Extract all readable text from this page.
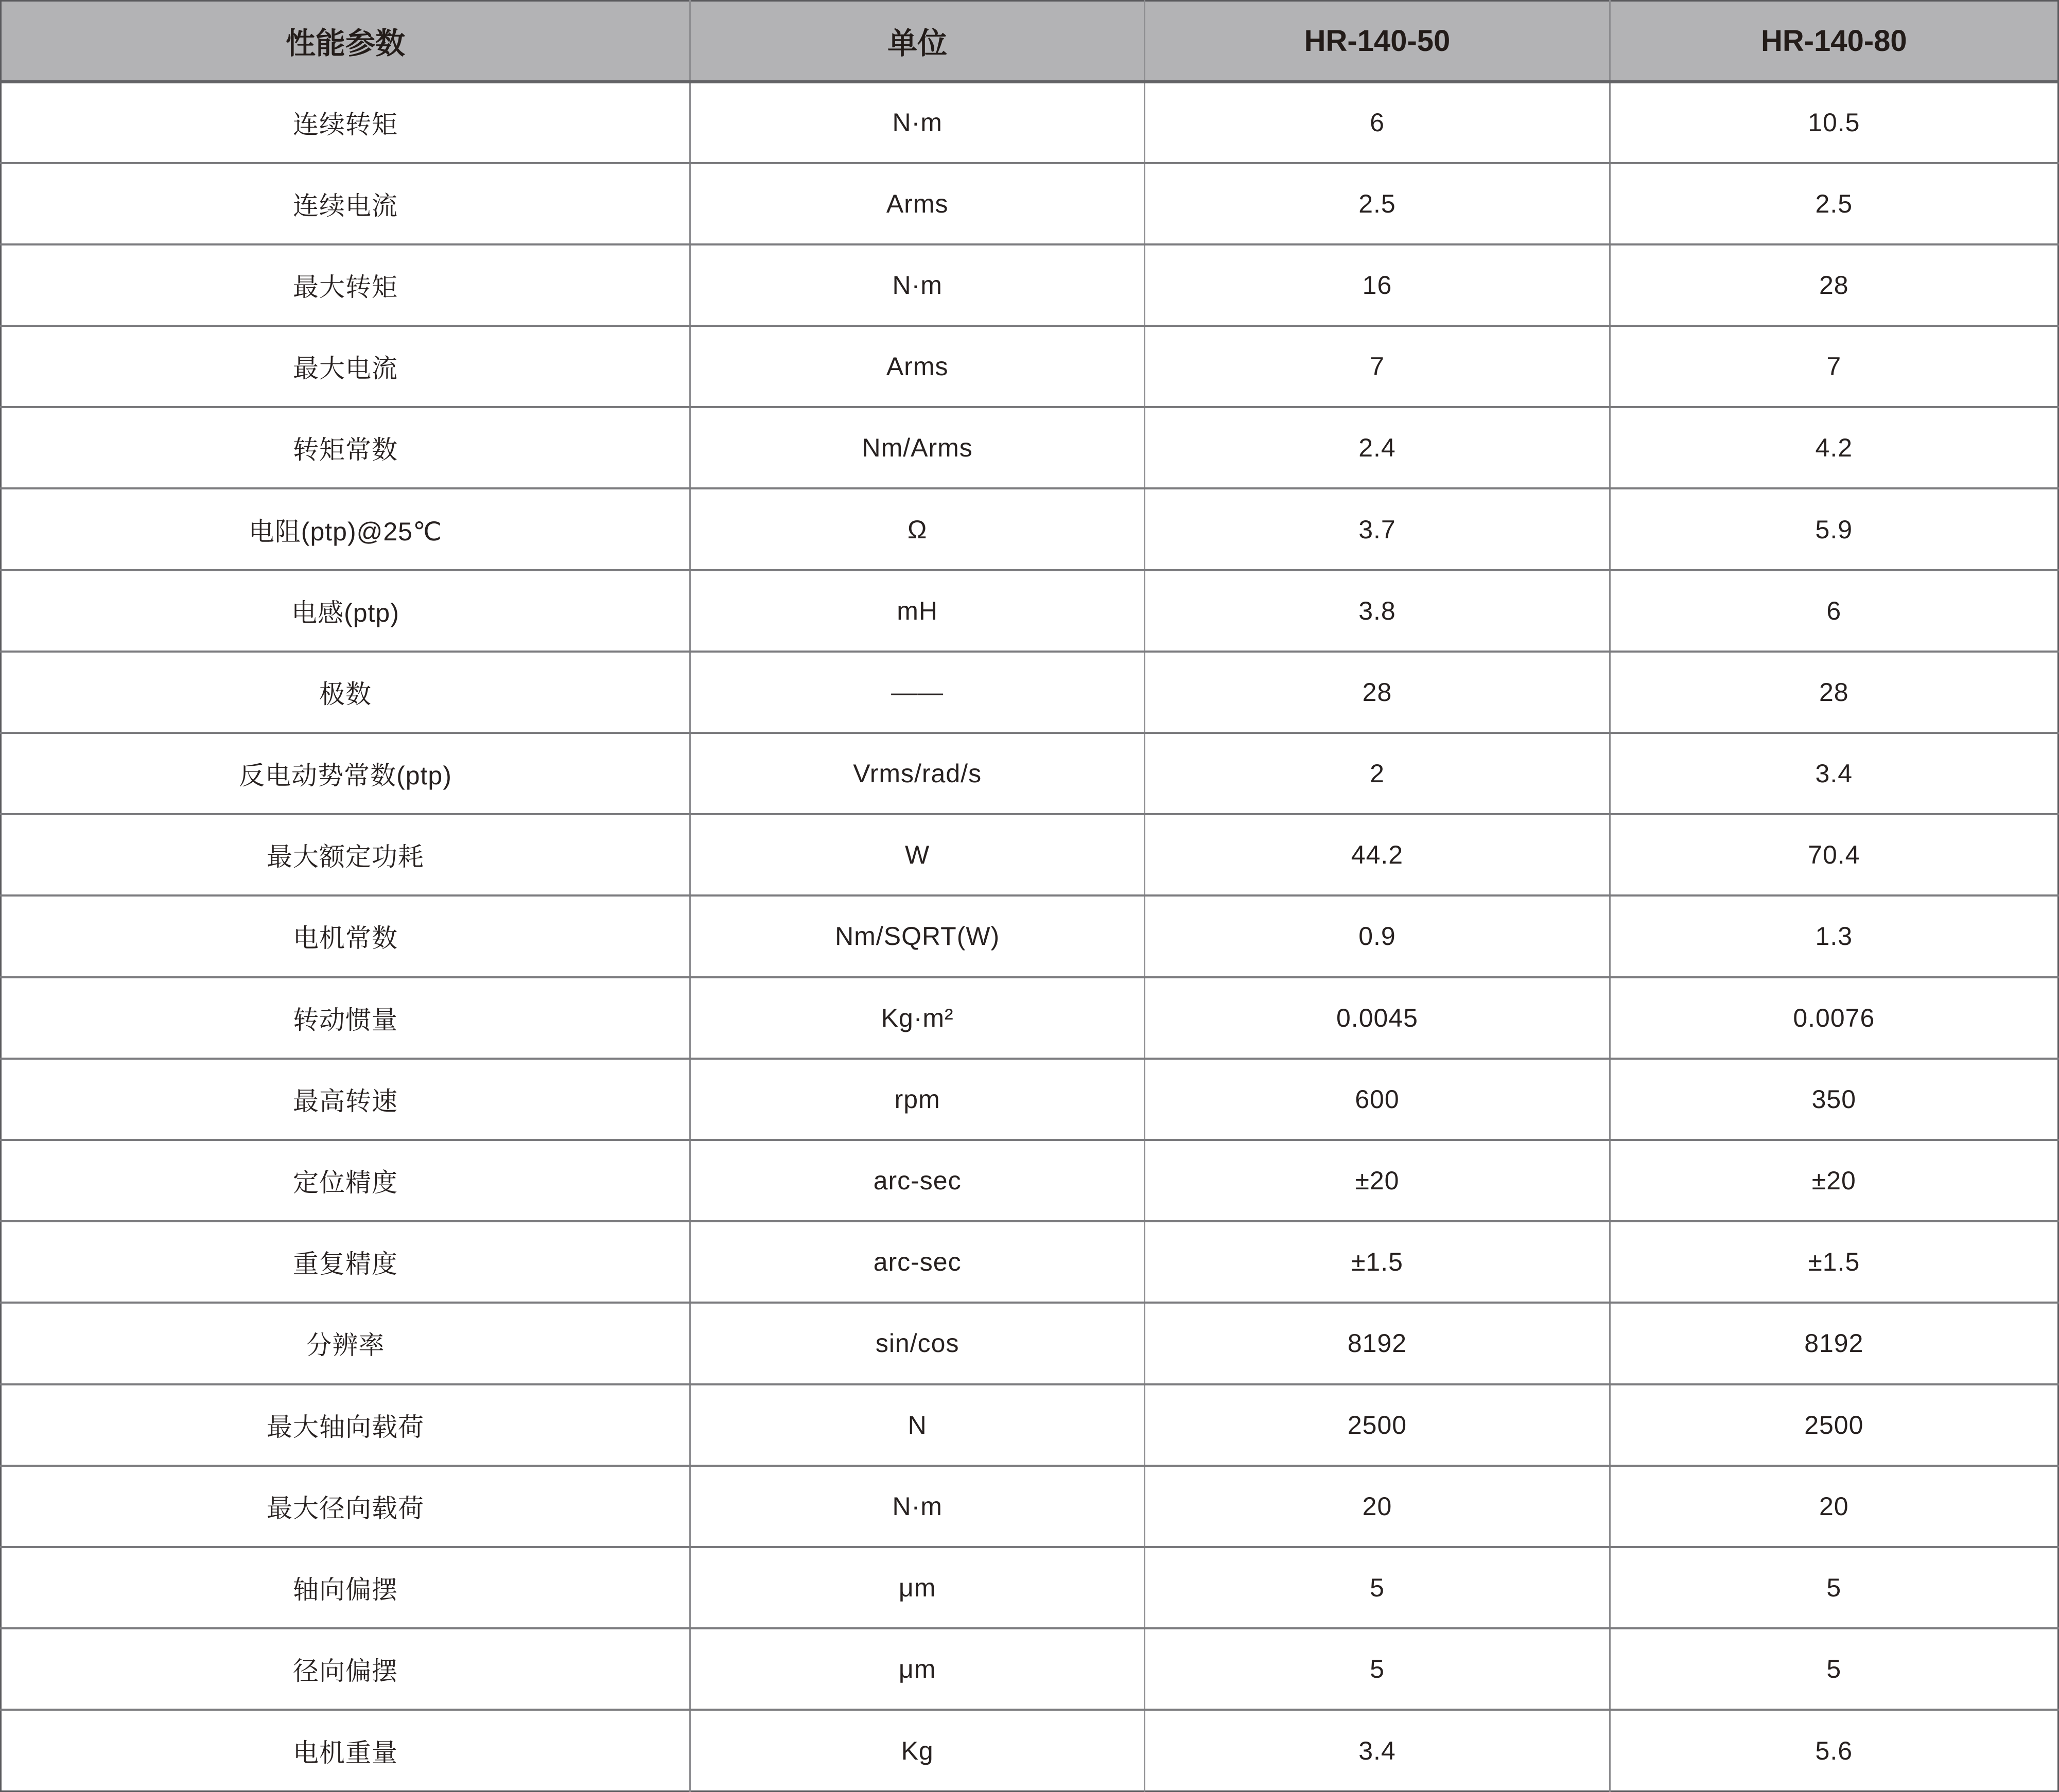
性能参数	单位	HR-140-50	HR-140-80
连续转矩	N·m	6	10.5
连续电流	Arms	2.5	2.5
最大转矩	N·m	16	28
最大电流	Arms	7	7
转矩常数	Nm/Arms	2.4	4.2
电阻(ptp)@25℃	Ω	3.7	5.9
电感(ptp)	mH	3.8	6
极数	——	28	28
反电动势常数(ptp)	Vrms/rad/s	2	3.4
最大额定功耗	W	44.2	70.4
电机常数	Nm/SQRT(W)	0.9	1.3
转动惯量	Kg·m²	0.0045	0.0076
最高转速	rpm	600	350
定位精度	arc-sec	±20	±20
重复精度	arc-sec	±1.5	±1.5
分辨率	sin/cos	8192	8192
最大轴向载荷	N	2500	2500
最大径向载荷	N·m	20	20
轴向偏摆	μm	5	5
径向偏摆	μm	5	5
电机重量	Kg	3.4	5.6
